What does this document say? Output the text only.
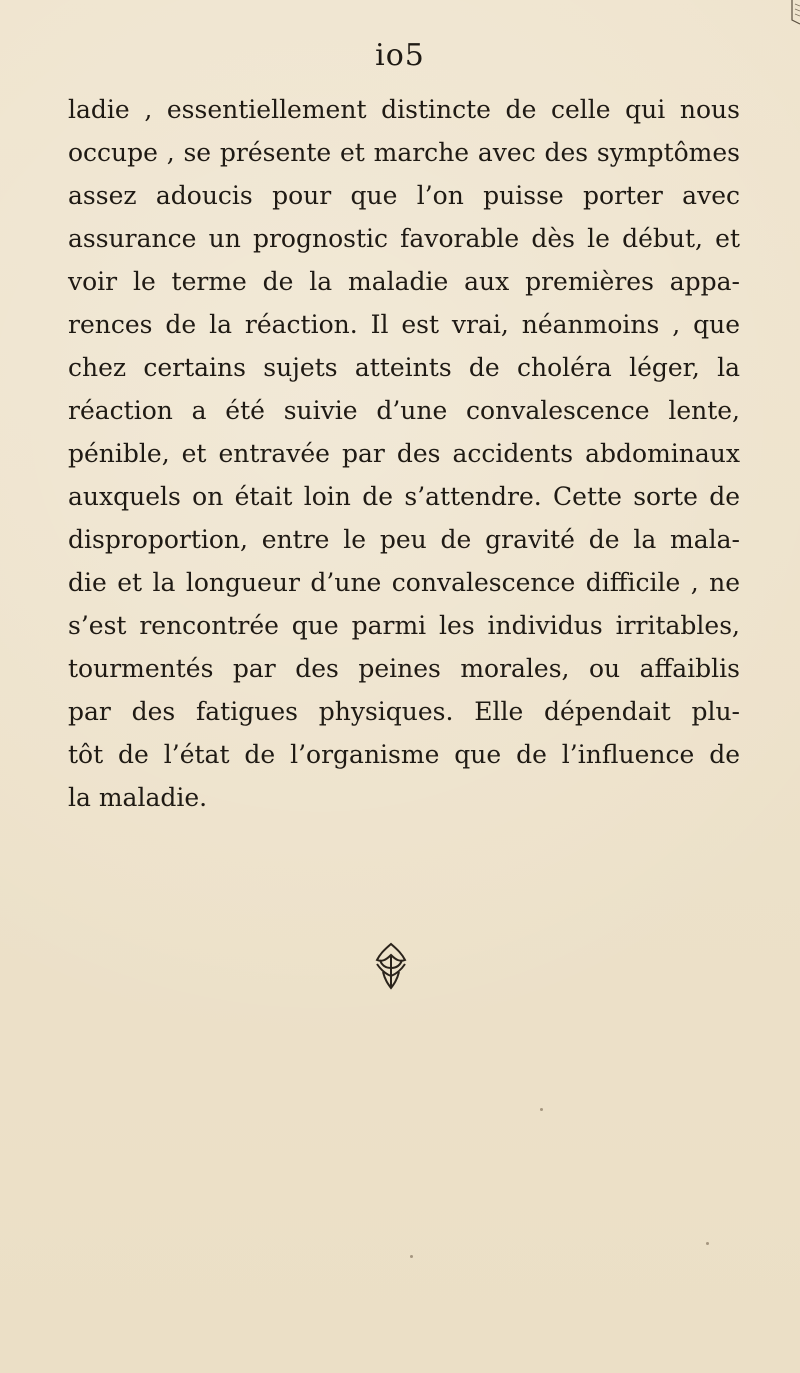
io5
ladie , essentiellement distincte de celle qui nous
occupe , se présente et marche avec des symptômes
assez adoucis pour que l’on puisse porter avec
assurance un prognostic favorable dès le début, et
voir le terme de la maladie aux premières appa-
rences de la réaction. Il est vrai, néanmoins , que
chez certains sujets atteints de choléra léger, la
réaction a été suivie d’une convalescence lente,
pénible, et entravée par des accidents abdominaux
auxquels on était loin de s’attendre. Cette sorte de
disproportion, entre le peu de gravité de la mala-
die et la longueur d’une convalescence difficile , ne
s’est rencontrée que parmi les individus irritables,
tourmentés par des peines morales, ou affaiblis
par des fatigues physiques. Elle dépendait plu-
tôt de l’état de l’organisme que de l’influence de
la maladie.
